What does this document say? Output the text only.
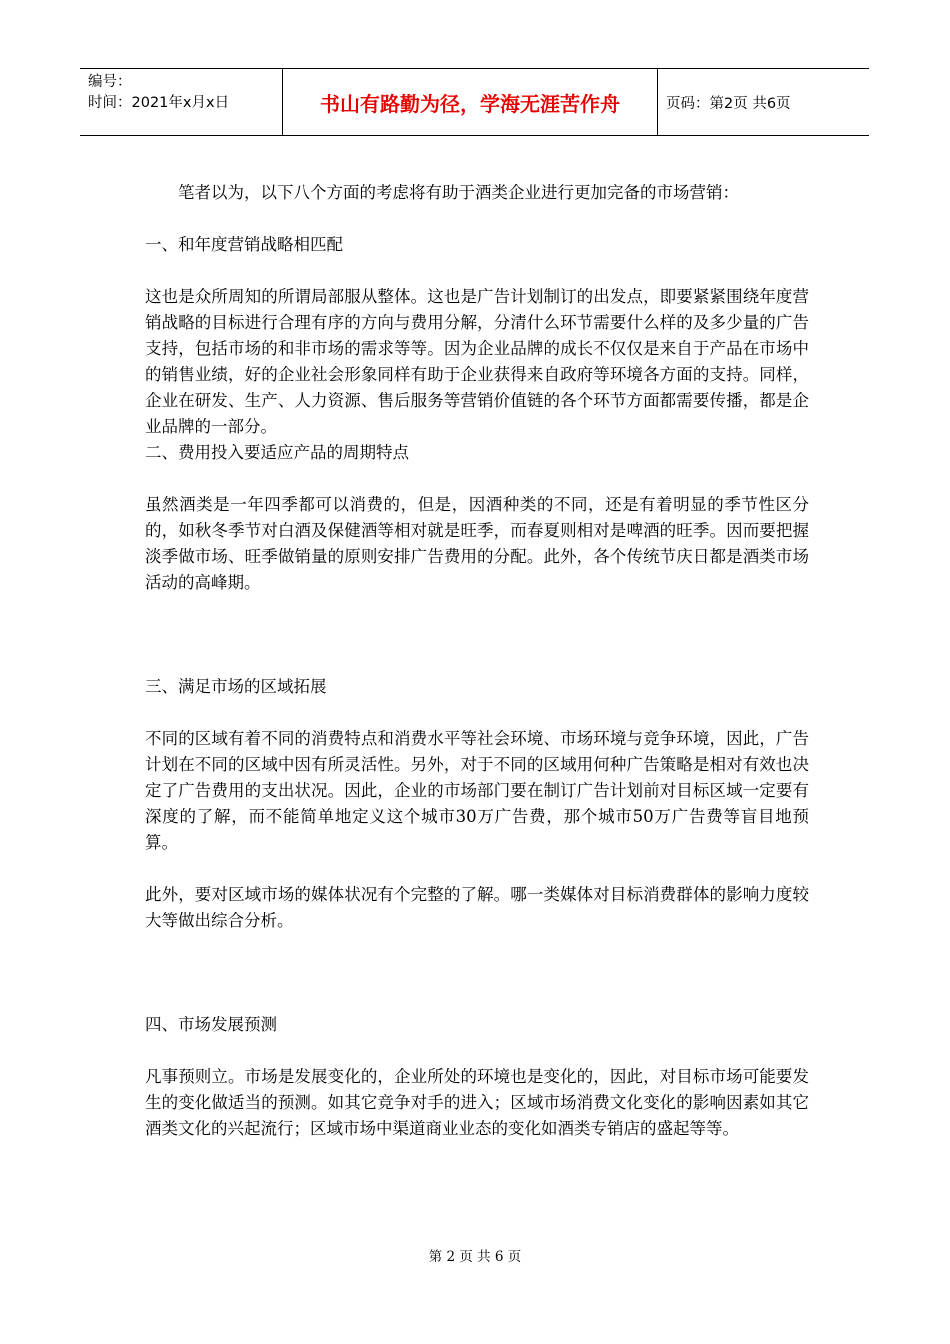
编号：
时间：2021年x月x日	书山有路勤为径，学海无涯苦作舟	页码：第2页 共6页

笔者以为，以下八个方面的考虑将有助于酒类企业进行更加完备的市场营销：

一、和年度营销战略相匹配

这也是众所周知的所谓局部服从整体。这也是广告计划制订的出发点，即要紧紧围绕年度营销战略的目标进行合理有序的方向与费用分解，分清什么环节需要什么样的及多少量的广告支持，包括市场的和非市场的需求等等。因为企业品牌的成长不仅仅是来自于产品在市场中的销售业绩，好的企业社会形象同样有助于企业获得来自政府等环境各方面的支持。同样，企业在研发、生产、人力资源、售后服务等营销价值链的各个环节方面都需要传播，都是企业品牌的一部分。

二、费用投入要适应产品的周期特点

虽然酒类是一年四季都可以消费的，但是，因酒种类的不同，还是有着明显的季节性区分的，如秋冬季节对白酒及保健酒等相对就是旺季，而春夏则相对是啤酒的旺季。因而要把握淡季做市场、旺季做销量的原则安排广告费用的分配。此外，各个传统节庆日都是酒类市场活动的高峰期。

三、满足市场的区域拓展

不同的区域有着不同的消费特点和消费水平等社会环境、市场环境与竞争环境，因此，广告计划在不同的区域中因有所灵活性。另外，对于不同的区域用何种广告策略是相对有效也决定了广告费用的支出状况。因此，企业的市场部门要在制订广告计划前对目标区域一定要有深度的了解，而不能简单地定义这个城市30万广告费，那个城市50万广告费等盲目地预算。

此外，要对区域市场的媒体状况有个完整的了解。哪一类媒体对目标消费群体的影响力度较大等做出综合分析。

四、市场发展预测

凡事预则立。市场是发展变化的，企业所处的环境也是变化的，因此，对目标市场可能要发生的变化做适当的预测。如其它竞争对手的进入；区域市场消费文化变化的影响因素如其它酒类文化的兴起流行；区域市场中渠道商业业态的变化如酒类专销店的盛起等等。

第 2 页 共 6 页
